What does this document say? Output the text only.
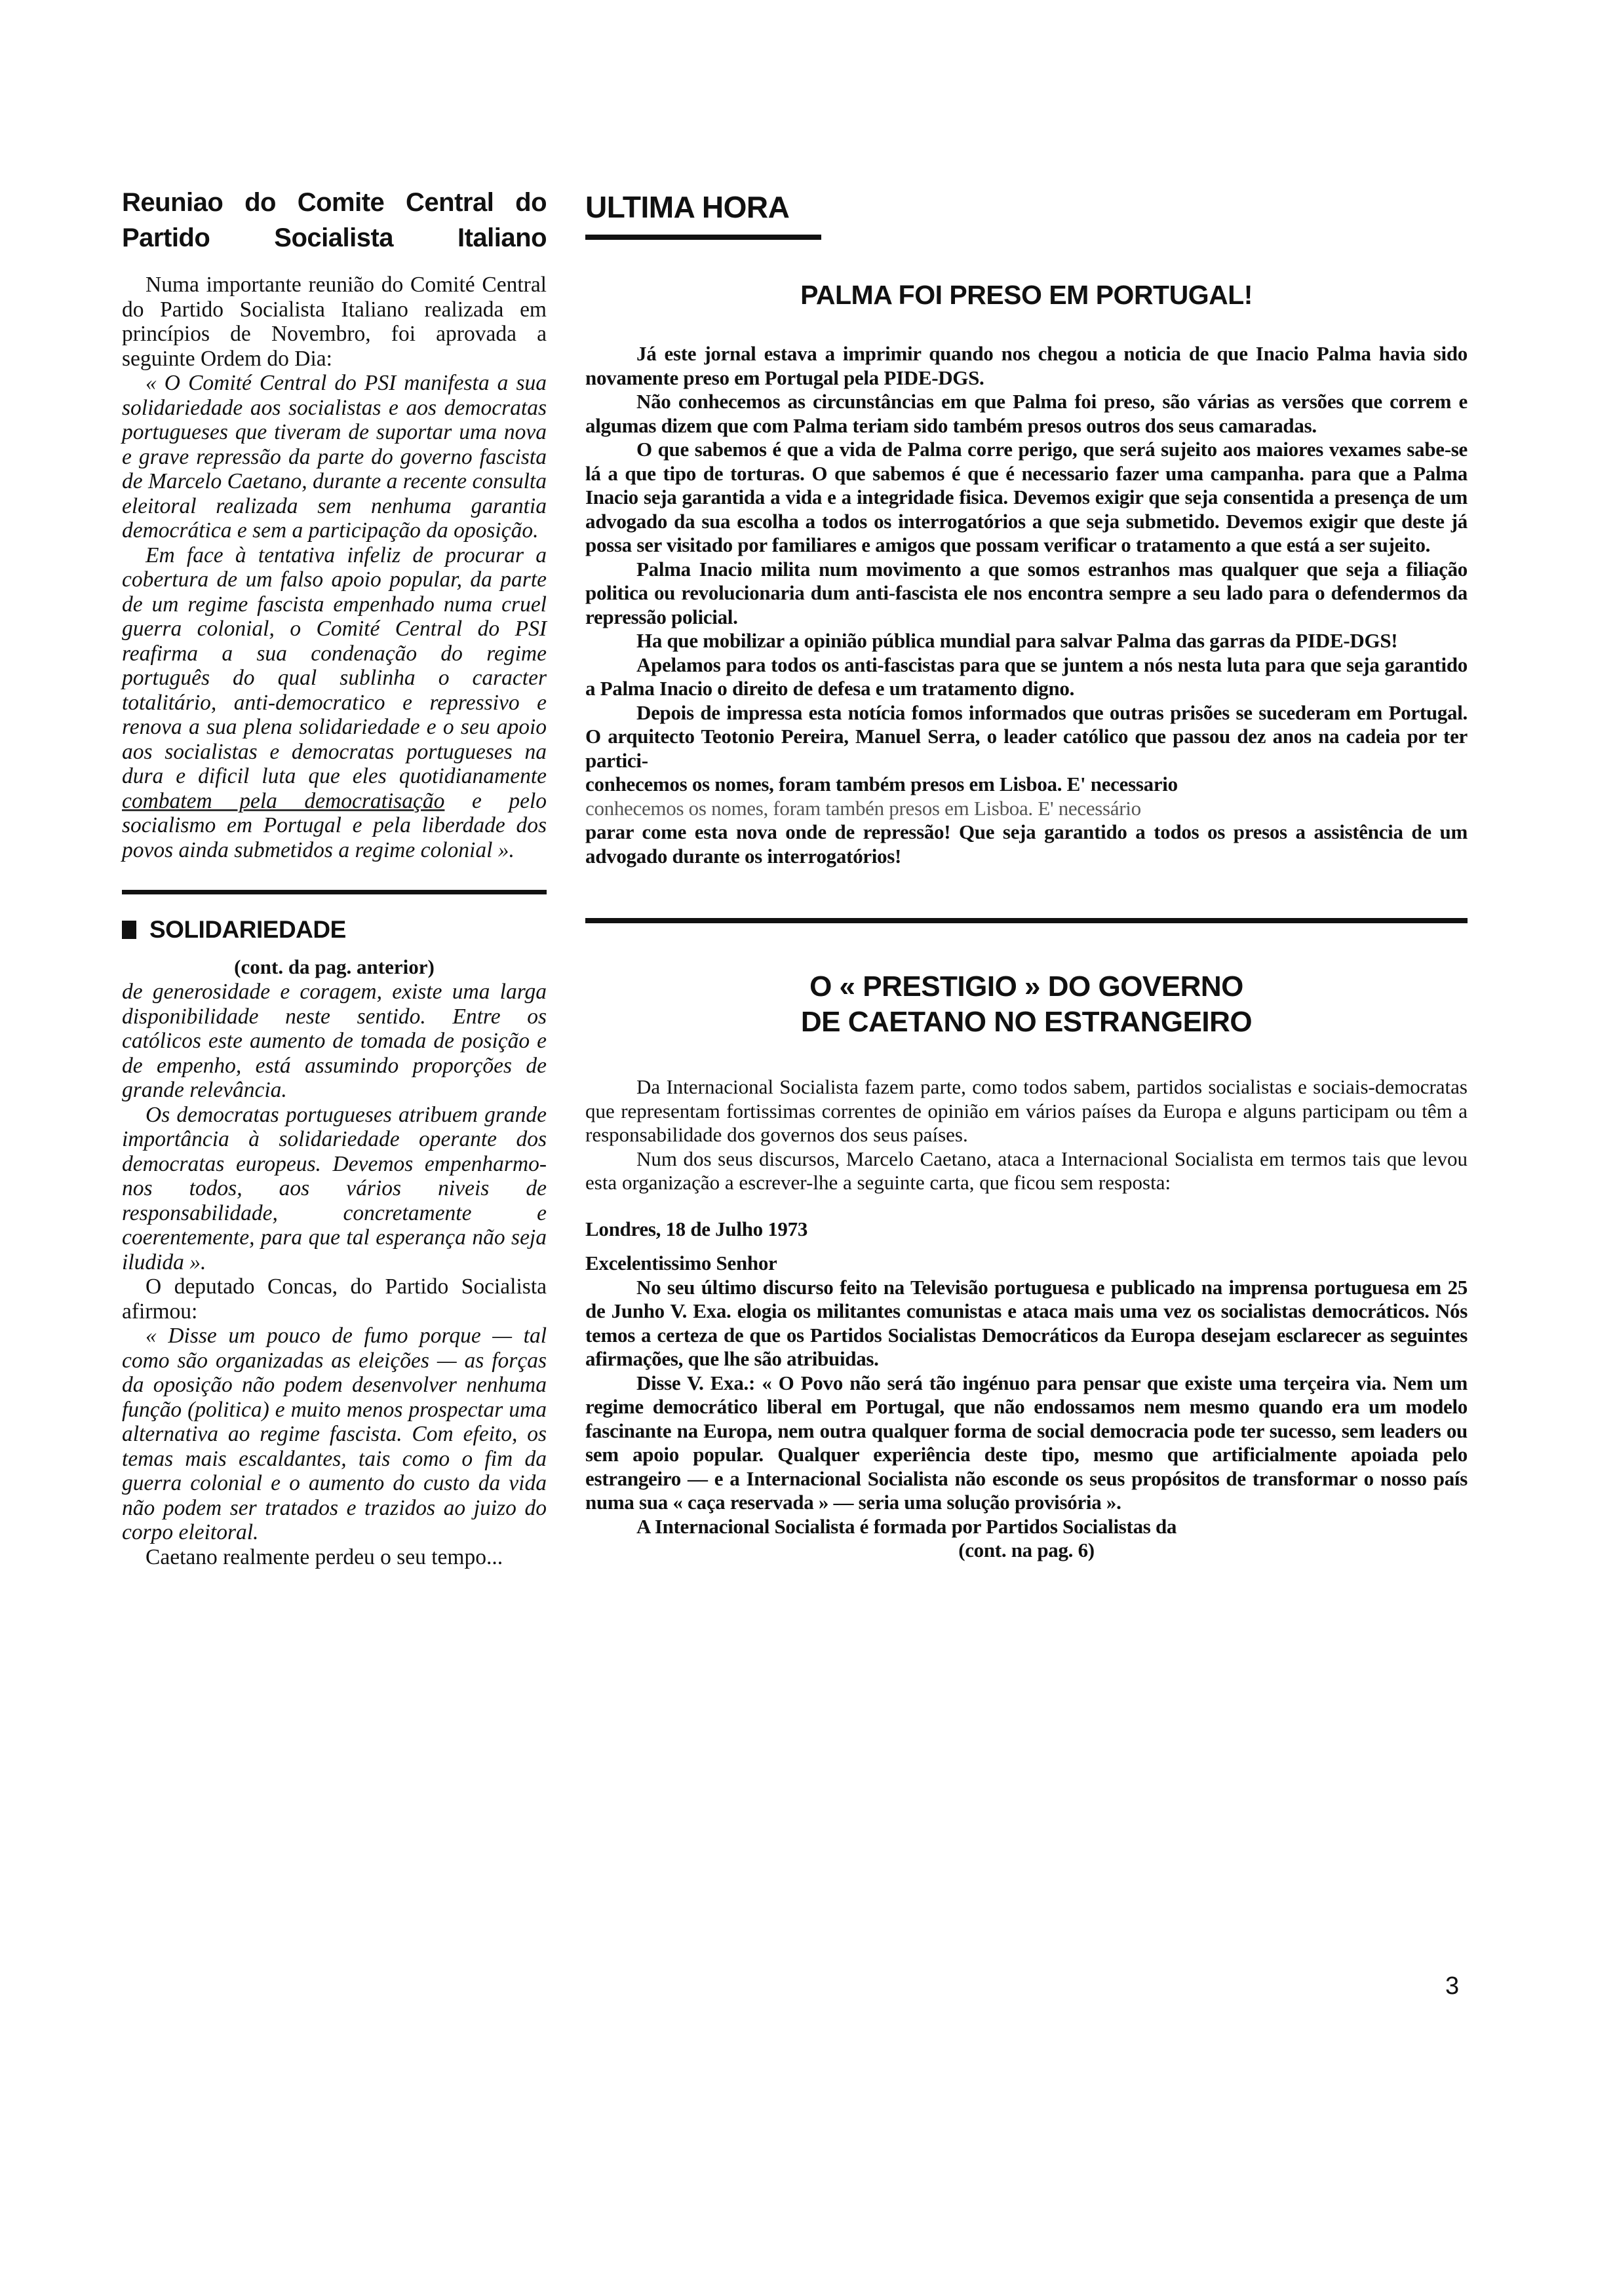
Reuniao do Comite Central do Partido Socialista Italiano

Numa importante reunião do Comité Central do Partido Socialista Italiano realizada em princípios de Novembro, foi aprovada a seguinte Ordem do Dia:

« O Comité Central do PSI manifesta a sua solidariedade aos socialistas e aos democratas portugueses que tiveram de suportar uma nova e grave repressão da parte do governo fascista de Marcelo Caetano, durante a recente consulta eleitoral realizada sem nenhuma garantia democrática e sem a participação da oposição.

Em face à tentativa infeliz de procurar a cobertura de um falso apoio popular, da parte de um regime fascista empenhado numa cruel guerra colonial, o Comité Central do PSI reafirma a sua condenação do regime português do qual sublinha o caracter totalitário, anti-democratico e repressivo e renova a sua plena solidariedade e o seu apoio aos socialistas e democratas portugueses na dura e dificil luta que eles quotidianamente combatem pela democratisação e pelo socialismo em Portugal e pela liberdade dos povos ainda submetidos a regime colonial ».

SOLIDARIEDADE

(cont. da pag. anterior)

de generosidade e coragem, existe uma larga disponibilidade neste sentido. Entre os católicos este aumento de tomada de posição e de empenho, está assumindo proporções de grande relevância.

Os democratas portugueses atribuem grande importância à solidariedade operante dos democratas europeus. Devemos empenharmo-nos todos, aos vários niveis de responsabilidade, concretamente e coerentemente, para que tal esperança não seja iludida ».

O deputado Concas, do Partido Socialista afirmou:

« Disse um pouco de fumo porque — tal como são organizadas as eleições — as forças da oposição não podem desenvolver nenhuma função (politica) e muito menos prospectar uma alternativa ao regime fascista. Com efeito, os temas mais escaldantes, tais como o fim da guerra colonial e o aumento do custo da vida não podem ser tratados e trazidos ao juizo do corpo eleitoral.

Caetano realmente perdeu o seu tempo...

ULTIMA HORA
PALMA FOI PRESO EM PORTUGAL!

Já este jornal estava a imprimir quando nos chegou a noticia de que Inacio Palma havia sido novamente preso em Portugal pela PIDE-DGS.

Não conhecemos as circunstâncias em que Palma foi preso, são várias as versões que correm e algumas dizem que com Palma teriam sido também presos outros dos seus camaradas.

O que sabemos é que a vida de Palma corre perigo, que será sujeito aos maiores vexames sabe-se lá a que tipo de torturas. O que sabemos é que é necessario fazer uma campanha. para que a Palma Inacio seja garantida a vida e a integridade fisica. Devemos exigir que seja consentida a presença de um advogado da sua escolha a todos os interrogatórios a que seja submetido. Devemos exigir que deste já possa ser visitado por familiares e amigos que possam verificar o tratamento a que está a ser sujeito.

Palma Inacio milita num movimento a que somos estranhos mas qualquer que seja a filiação politica ou revolucionaria dum anti-fascista ele nos encontra sempre a seu lado para o defendermos da repressão policial.

Ha que mobilizar a opinião pública mundial para salvar Palma das garras da PIDE-DGS!

Apelamos para todos os anti-fascistas para que se juntem a nós nesta luta para que seja garantido a Palma Inacio o direito de defesa e um tratamento digno.

Depois de impressa esta notícia fomos informados que outras prisões se sucederam em Portugal. O arquitecto Teotonio Pereira, Manuel Serra, o leader católico que passou dez anos na cadeia por ter partici-

conhecemos os nomes, foram também presos em Lisboa. E' necessario

conhecemos os nomes, foram tambén presos em Lisboa. E' necessário

parar come esta nova onde de repressão! Que seja garantido a todos os presos a assistência de um advogado durante os interrogatórios!

O « PRESTIGIO » DO GOVERNO
DE CAETANO NO ESTRANGEIRO

Da Internacional Socialista fazem parte, como todos sabem, partidos socialistas e sociais-democratas que representam fortissimas correntes de opinião em vários países da Europa e alguns participam ou têm a responsabilidade dos governos dos seus países.

Num dos seus discursos, Marcelo Caetano, ataca a Internacional Socialista em termos tais que levou esta organização a escrever-lhe a seguinte carta, que ficou sem resposta:

Londres, 18 de Julho 1973

Excelentissimo Senhor

No seu último discurso feito na Televisão portuguesa e publicado na imprensa portuguesa em 25 de Junho V. Exa. elogia os militantes comunistas e ataca mais uma vez os socialistas democráticos. Nós temos a certeza de que os Partidos Socialistas Democráticos da Europa desejam esclarecer as seguintes afirmações, que lhe são atribuidas.

Disse V. Exa.: « O Povo não será tão ingénuo para pensar que existe uma terçeira via. Nem um regime democrático liberal em Portugal, que não endossamos nem mesmo quando era um modelo fascinante na Europa, nem outra qualquer forma de social democracia pode ter sucesso, sem leaders ou sem apoio popular. Qualquer experiência deste tipo, mesmo que artificialmente apoiada pelo estrangeiro — e a Internacional Socialista não esconde os seus propósitos de transformar o nosso país numa sua « caça reservada » — seria uma solução provisória ».

A Internacional Socialista é formada por Partidos Socialistas da

(cont. na pag. 6)

3
